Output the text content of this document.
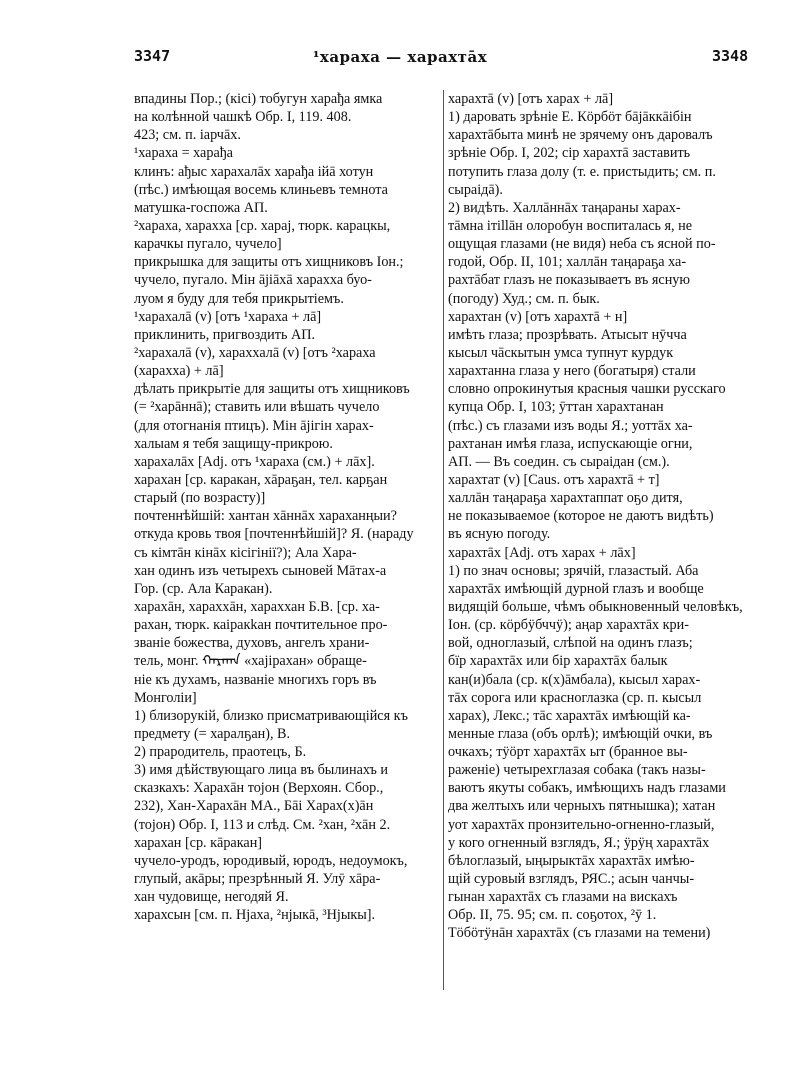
3347	¹хараха — харахтāх	3348
впадины Пор.; (кісі) тобугун харађа ямка
на колѣнной чашкѣ Обр. I, 119. 408.
423; см. п. іарчāх.
¹хараха = харађа
клинъ: ађыс харахалāх харађа ійā хотун
(пѣс.) имѣющая восемь клиньевъ темнота
матушка-госпожа АП.
²хараха, харахха [ср. харај, тюрк. карацкы,
карачкы пугало, чучело]
прикрышка для защиты отъ хищниковъ Іон.;
чучело, пугало. Мін āјіāхā харахха буо-
луом я буду для тебя прикрытіемъ.
¹харахалā (v) [отъ ¹хараха + лā]
приклинить, пригвоздить АП.
²харахалā (v), хараххалā (v) [отъ ²хараха
(харахха) + лā]
дѣлать прикрытіе для защиты отъ хищниковъ
(= ²харāннā); ставить или вѣшать чучело
(для отогнанія птицъ). Мін āјігін харах-
халыам я тебя защищу-прикрою.
харахалāх [Adj. отъ ¹хараха (см.) + лāх].
харахан [ср. каракан, хāраҕан, тел. карҕан
старый (по возрасту)]
почтеннѣйшій: хантан хāннāх хараханңыи?
откуда кровь твоя [почтеннѣйшій]? Я. (нараду
съ кімтāн кінāх кісігінії?); Ала Хара-
хан одинъ изъ четырехъ сыновей Мāтах-а
Гор. (ср. Ала Каракан).
харахāн, хараххāн, хараххан Б.В. [ср. ха-
рахан, тюрк. каіракkан почтительное про-
званіе божества, духовъ, ангелъ храни-
тель, монг. ᠬᠠᠷᠠᠬᠠ «хајірахан» обраще-
ніе къ духамъ, названіе многихъ горъ въ
Монголіи]
1) близорукій, близко присматривающійся къ
предмету (= харалҕан), В.
2) прародитель, праотецъ, Б.
3) имя дѣйствующаго лица въ былинахъ и
сказкахъ: Харахāн тојон (Верхоян. Сбор.,
232), Хан-Харахāн МА., Бāі Харах(х)āн
(тојон) Обр. I, 113 и слѣд. См. ²хан, ²хāн 2.
харахан [ср. кāракан]
чучело-уродъ, юродивый, юродъ, недоумокъ,
глупый, акāры; презрѣнный Я. Улӯ хāра-
хан чудовище, негодяй Я.
харахсын [см. п. Нјаха, ²нјыкā, ³Нјыкы].
харахтā (v) [отъ харах + лā]
1) даровать зрѣніе Е. Кӧрбӧт бāјāккāібін
харахтāбыта минѣ не зрячему онъ даровалъ
зрѣніе Обр. I, 202; сір харахтā заставить
потупить глаза долу (т. е. пристыдить; см. п.
сыраідā).
2) видѣть. Халлāннāх таңараны харах-
тāмна ітіllāн олоробун воспиталась я, не
ощущая глазами (не видя) неба съ ясной по-
годой, Обр. II, 101; халлāн таңараҕа ха-
рахтāбат глазъ не показываетъ въ ясную
(погоду) Худ.; см. п. бык.
харахтан (v) [отъ харахтā + н]
имѣть глаза; прозрѣвать. Атыcыт нӯчча
кысыл чāскытын умса тупнут курдук
харахтанна глаза у него (богатыря) стали
словно опрокинутыя красныя чашки русскаго
купца Обр. I, 103; ӯттан харахтанан
(пѣс.) съ глазами изъ воды Я.; уоттāх ха-
рахтанан имѣя глаза, испускающіе огни,
АП. — Въ соедин. съ сыраідан (см.).
харахтат (v) [Caus. отъ харахтā + т]
халлāн таңараҕа харахтаппат оҕо дитя,
не показываемое (которое не даютъ видѣть)
въ ясную погоду.
харахтāх [Adj. отъ харах + лāх]
1) по знач основы; зрячій, глазастый. Аба
харахтāх имѣющій дурной глазъ и вообще
видящій больше, чѣмъ обыкновенный человѣкъ,
Іон. (ср. кӧрбӱбччӱ); аңар харахтāх кри-
вой, одноглазый, слѣпой на одинъ глазъ;
бїр харахтāх или бір харахтāх балык
кан(и)бала (ср. к(х)āмбала), кысыл харах-
тāх сорога или красноглазка (ср. п. кысыл
харах), Лекс.; тāс харахтāх имѣющій ка-
менные глаза (объ орлѣ); имѣющій очки, въ
очкахъ; тӱӧрт харахтāх ыт (бранное вы-
раженіе) четырехглазая собака (такъ назы-
ваютъ якуты собакъ, имѣющихъ надъ глазами
два желтыхъ или черныхъ пятнышка); хатан
уот харахтāх пронзительно-огненно-глазый,
у кого огненный взглядъ, Я.; ӱрӱң харахтāх
бѣлоглазый, ыңырыктāх харахтāх имѣю-
щій суровый взглядъ, РЯС.; асын чанчы-
гынан харахтāх съ глазами на вискахъ
Обр. II, 75. 95; см. п. соҕотох, ²ӯ 1.
Тӧбӧтӱнāн харахтāх (съ глазами на темени)
